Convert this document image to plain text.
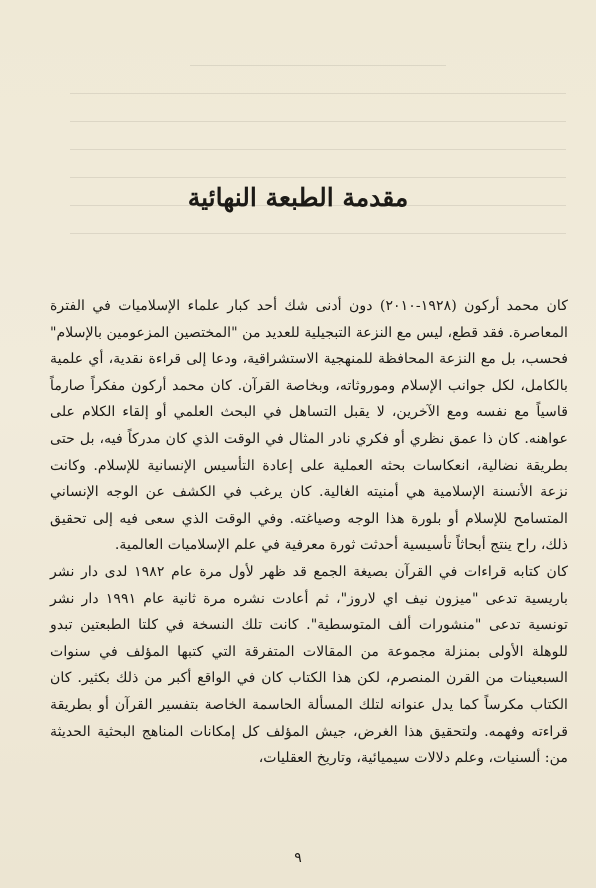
مقدمة الطبعة النهائية

كان محمد أركون (١٩٢٨-٢٠١٠) دون أدنى شك أحد كبار علماء الإسلاميات في الفترة المعاصرة. فقد قطع، ليس مع النزعة التبجيلية للعديد من "المختصين المزعومين بالإسلام" فحسب، بل مع النزعة المحافظة للمنهجية الاستشراقية، ودعا إلى قراءة نقدية، أي علمية بالكامل، لكل جوانب الإسلام وموروثاته، وبخاصة القرآن. كان محمد أركون مفكراً صارماً قاسياً مع نفسه ومع الآخرين، لا يقبل التساهل في البحث العلمي أو إلقاء الكلام على عواهنه. كان ذا عمق نظري أو فكري نادر المثال في الوقت الذي كان مدركاً فيه، بل حتى بطريقة نضالية، انعكاسات بحثه العملية على إعادة التأسيس الإنسانية للإسلام. وكانت نزعة الأنسنة الإسلامية هي أمنيته الغالية. كان يرغب في الكشف عن الوجه الإنساني المتسامح للإسلام أو بلورة هذا الوجه وصياغته. وفي الوقت الذي سعى فيه إلى تحقيق ذلك، راح ينتج أبحاثاً تأسيسية أحدثت ثورة معرفية في علم الإسلاميات العالمية.

كان كتابه قراءات في القرآن بصيغة الجمع قد ظهر لأول مرة عام ١٩٨٢ لدى دار نشر باريسية تدعى "ميزون نيف اي لاروز"، ثم أعادت نشره مرة ثانية عام ١٩٩١ دار نشر تونسية تدعى "منشورات ألف المتوسطية". كانت تلك النسخة في كلتا الطبعتين تبدو للوهلة الأولى بمنزلة مجموعة من المقالات المتفرقة التي كتبها المؤلف في سنوات السبعينات من القرن المنصرم، لكن هذا الكتاب كان في الواقع أكبر من ذلك بكثير. كان الكتاب مكرساً كما يدل عنوانه لتلك المسألة الحاسمة الخاصة بتفسير القرآن أو بطريقة قراءته وفهمه. ولتحقيق هذا الغرض، جيش المؤلف كل إمكانات المناهج البحثية الحديثة من: ألسنيات، وعلم دلالات سيميائية، وتاريخ العقليات،

٩
